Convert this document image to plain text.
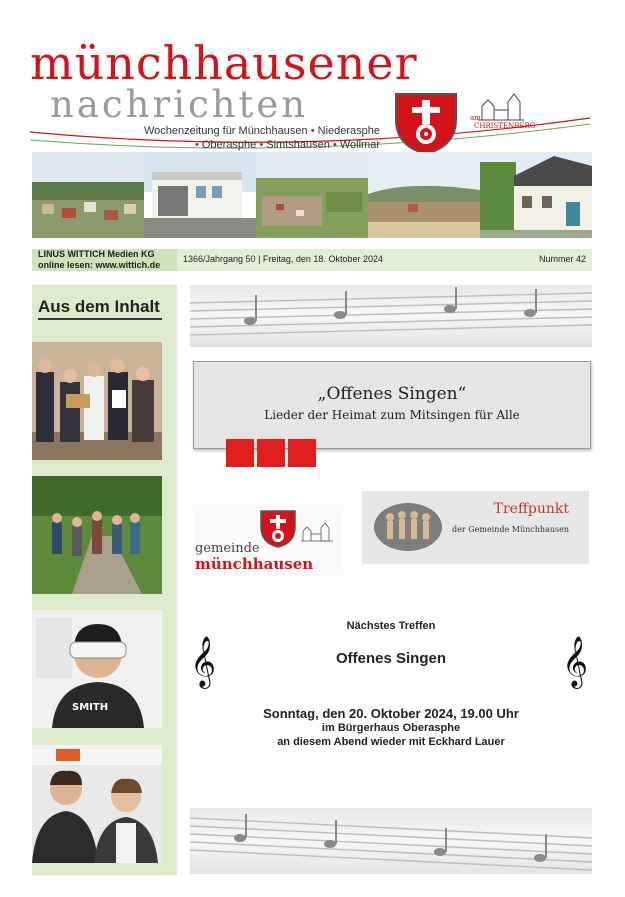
münchhausener
nachrichten
Wochenzeitung für Münchhausen • Niederasphe
• Oberasphe • Simtshausen • Wollmar
am
CHRISTENBERG
LINUS WITTICH Medien KG
online lesen: www.wittich.de
1366/Jahrgang 50 | Freitag, den 18. Oktober 2024	Nummer 42
Aus dem Inhalt
SMITH
„Offenes Singen“
Lieder der Heimat zum Mitsingen für Alle
gemeinde
münchhausen
Treffpunkt
der Gemeinde Münchhausen
Nächstes Treffen
Offenes Singen
𝄞	𝄞
Sonntag, den 20. Oktober 2024, 19.00 Uhr
im Bürgerhaus Oberasphe
an diesem Abend wieder mit Eckhard Lauer
